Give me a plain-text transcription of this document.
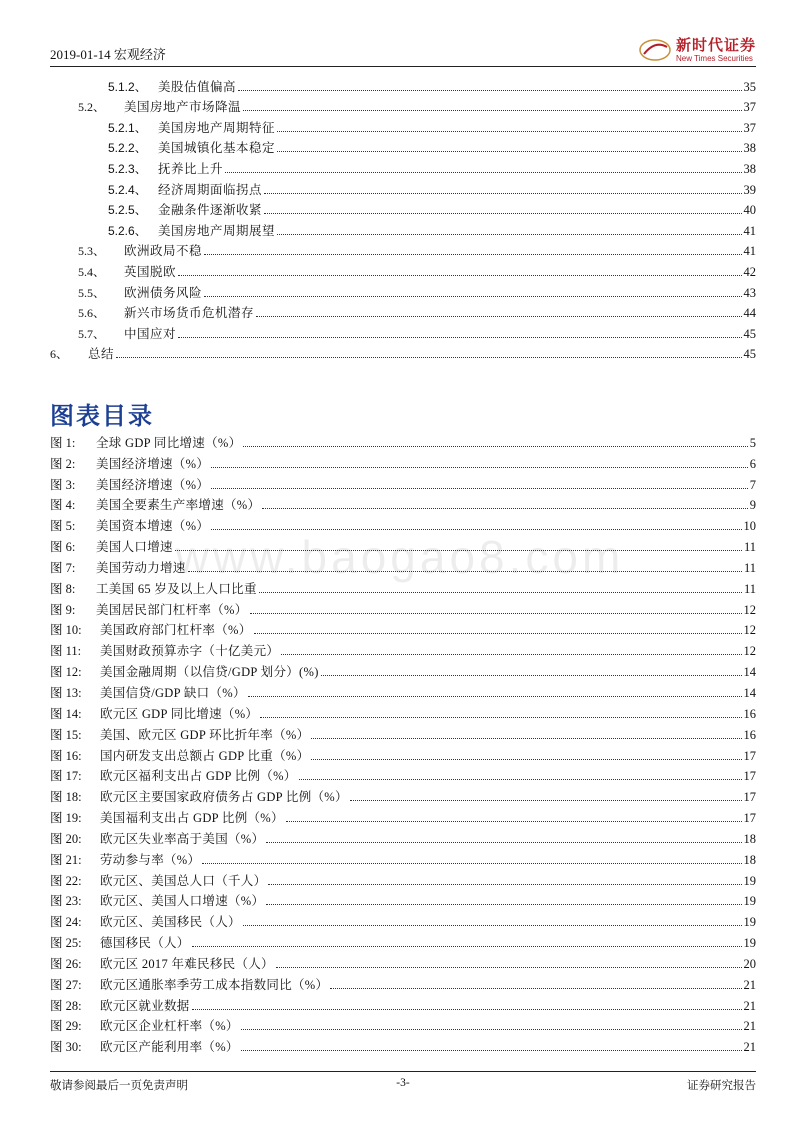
2019-01-14 宏观经济
新时代证券
New Times Securities
5.1.2、 美股估值偏高	35
5.2、	美国房地产市场降温	37
5.2.1、 美国房地产周期特征	37
5.2.2、 美国城镇化基本稳定	38
5.2.3、 抚养比上升	38
5.2.4、 经济周期面临拐点	39
5.2.5、 金融条件逐渐收紧	40
5.2.6、 美国房地产周期展望	41
5.3、	欧洲政局不稳	41
5.4、	英国脱欧	42
5.5、	欧洲债务风险	43
5.6、	新兴市场货币危机潜存	44
5.7、	中国应对	45
6、	总结	45
图表目录
www.baogao8.com
图 1:	全球 GDP 同比增速（%）	5
图 2:	美国经济增速（%）	6
图 3:	美国经济增速（%）	7
图 4:	美国全要素生产率增速（%）	9
图 5:	美国资本增速（%）	10
图 6:	美国人口增速	11
图 7:	美国劳动力增速	11
图 8:	工美国 65 岁及以上人口比重	11
图 9:	美国居民部门杠杆率（%）	12
图 10:	美国政府部门杠杆率（%）	12
图 11:	美国财政预算赤字（十亿美元）	12
图 12:	美国金融周期（以信贷/GDP 划分）(%)	14
图 13:	美国信贷/GDP 缺口（%）	14
图 14:	欧元区 GDP 同比增速（%）	16
图 15:	美国、欧元区 GDP 环比折年率（%）	16
图 16:	国内研发支出总额占 GDP 比重（%）	17
图 17:	欧元区福利支出占 GDP 比例（%）	17
图 18:	欧元区主要国家政府债务占 GDP 比例（%）	17
图 19:	美国福利支出占 GDP 比例（%）	17
图 20:	欧元区失业率高于美国（%）	18
图 21:	劳动参与率（%）	18
图 22:	欧元区、美国总人口（千人）	19
图 23:	欧元区、美国人口增速（%）	19
图 24:	欧元区、美国移民（人）	19
图 25:	德国移民（人）	19
图 26:	欧元区 2017 年难民移民（人）	20
图 27:	欧元区通胀率季劳工成本指数同比（%）	21
图 28:	欧元区就业数据	21
图 29:	欧元区企业杠杆率（%）	21
图 30:	欧元区产能利用率（%）	21
敬请参阅最后一页免责声明	-3-	证券研究报告
